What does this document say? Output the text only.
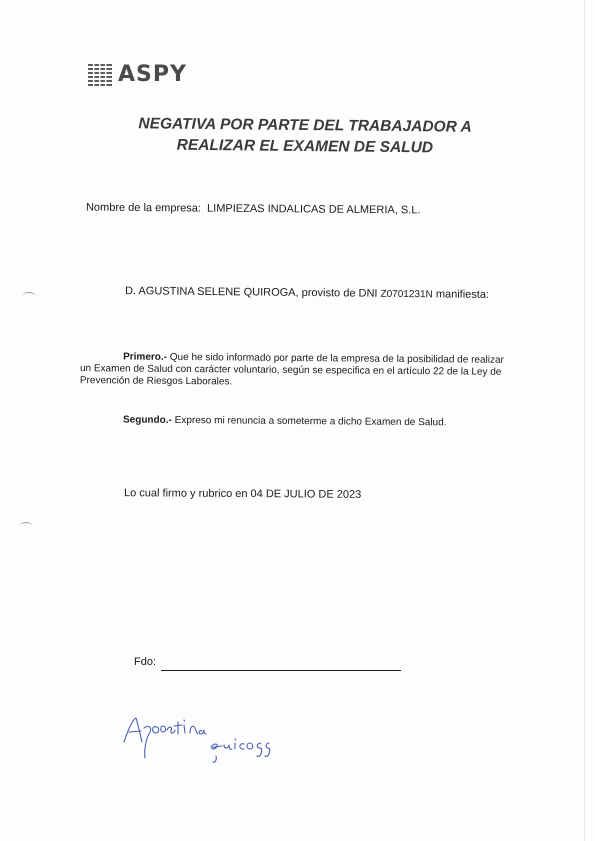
ASPY
NEGATIVA POR PARTE DEL TRABAJADOR A
REALIZAR EL EXAMEN DE SALUD
Nombre de la empresa: LIMPIEZAS INDALICAS DE ALMERIA, S.L.
D. AGUSTINA SELENE QUIROGA, provisto de DNI Z0701231N manifiesta:
Primero.- Que he sido informado por parte de la empresa de la posibilidad de realizar
un Examen de Salud con carácter voluntario, según se especifica en el artículo 22 de la Ley de
Prevención de Riesgos Laborales.
Segundo.- Expreso mi renuncia a someterme a dicho Examen de Salud.
Lo cual firmo y rubrico en 04 DE JULIO DE 2023
Fdo:
